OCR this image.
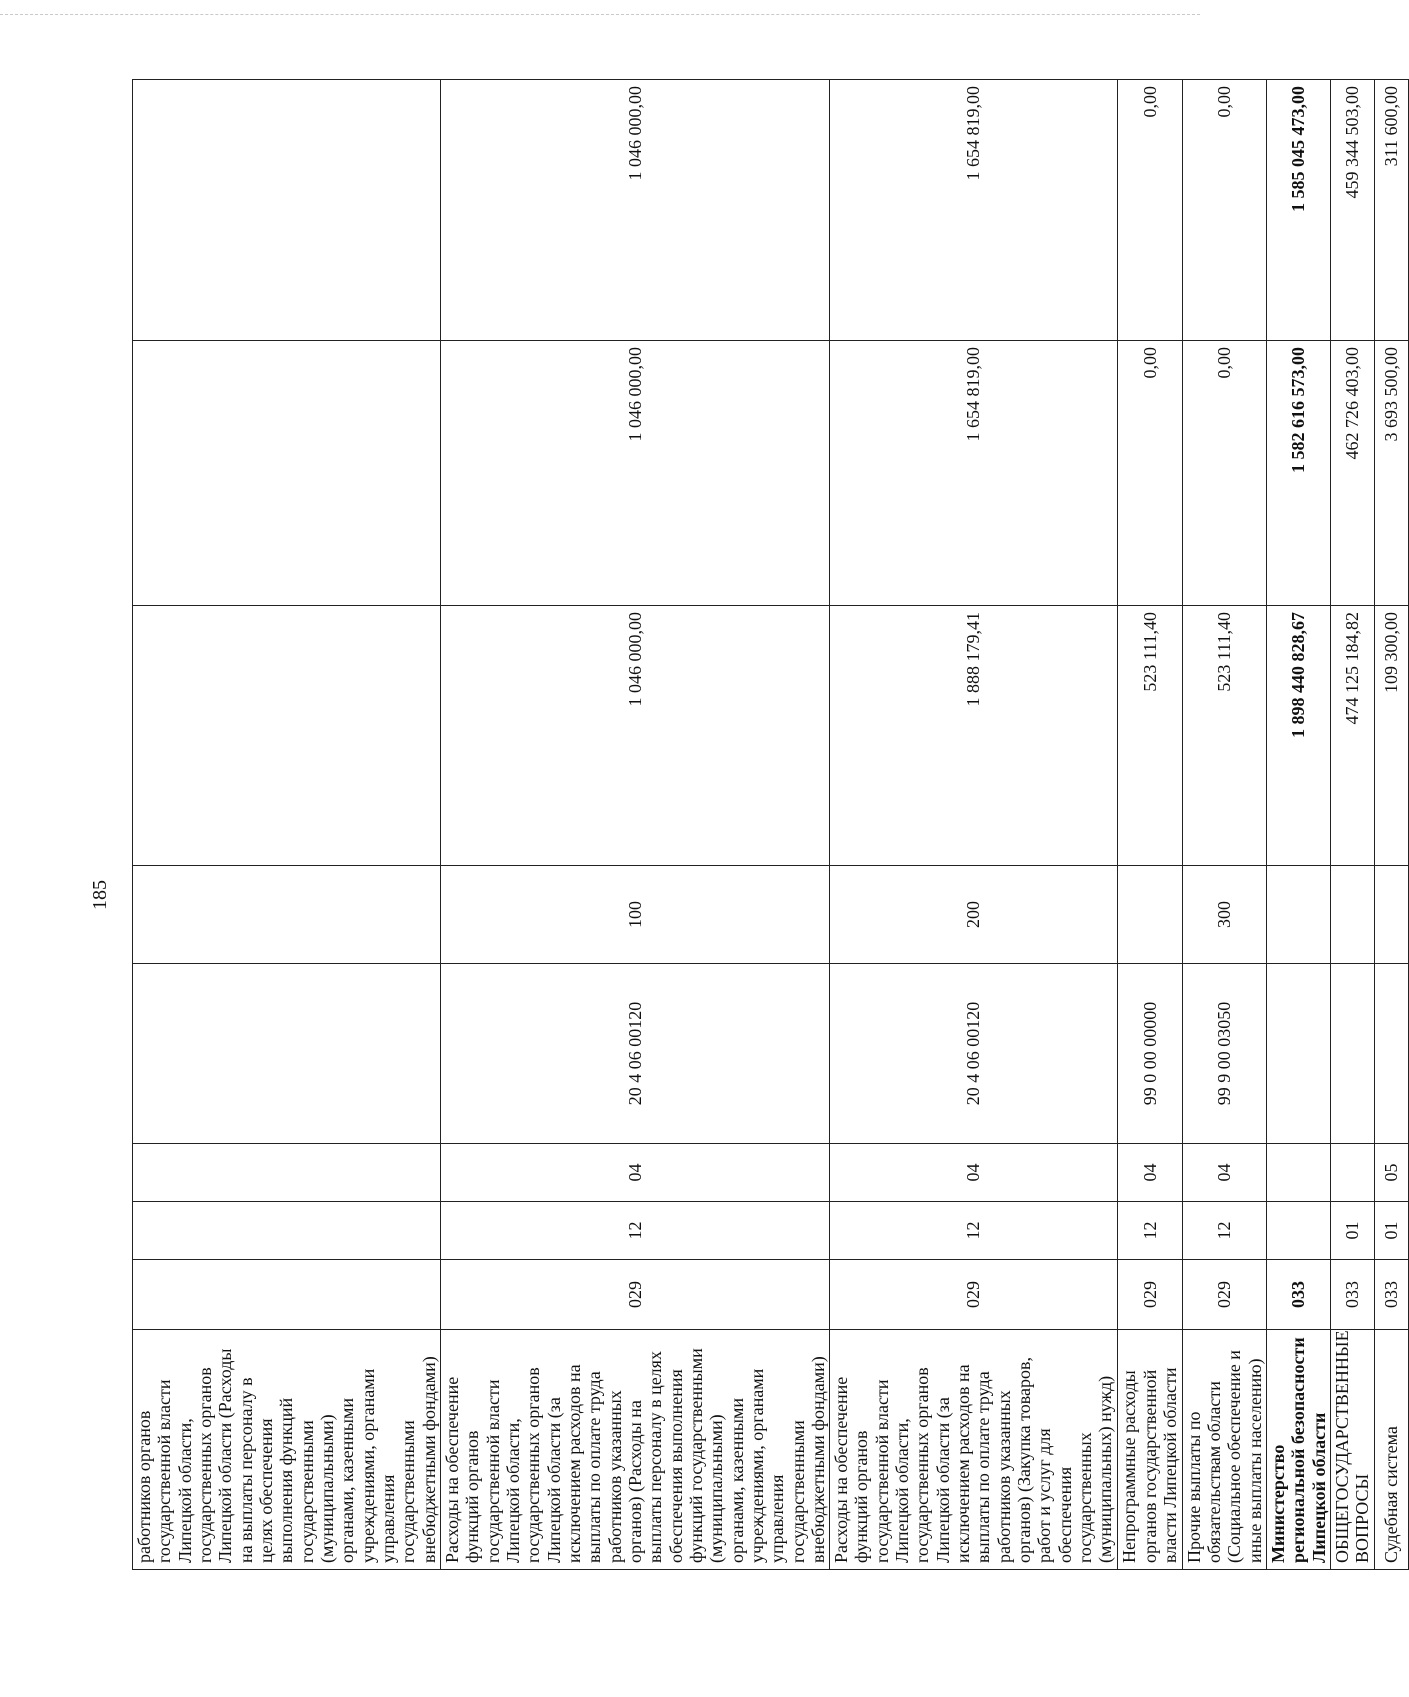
185
работников органов государственной власти Липецкой области, государственных органов Липецкой области (Расходы на выплаты персоналу в целях обеспечения выполнения функций государственными (муниципальными) органами, казенными учреждениями, органами управления государственными внебюджетными фондами)								
Расходы на обеспечение функций органов государственной власти Липецкой области, государственных органов Липецкой области (за исключением расходов на выплаты по оплате труда работников указанных органов) (Расходы на выплаты персоналу в целях обеспечения выполнения функций государственными (муниципальными) органами, казенными учреждениями, органами управления государственными внебюджетными фондами)	029	12	04	20 4 06 00120	100	1 046 000,00	1 046 000,00	1 046 000,00
Расходы на обеспечение функций органов государственной власти Липецкой области, государственных органов Липецкой области (за исключением расходов на выплаты по оплате труда работников указанных органов) (Закупка товаров, работ и услуг для обеспечения государственных (муниципальных) нужд)	029	12	04	20 4 06 00120	200	1 888 179,41	1 654 819,00	1 654 819,00
Непрограммные расходы органов государственной власти Липецкой области	029	12	04	99 0 00 00000		523 111,40	0,00	0,00
Прочие выплаты по обязательствам области (Социальное обеспечение и иные выплаты населению)	029	12	04	99 9 00 03050	300	523 111,40	0,00	0,00
Министерство региональной безопасности Липецкой области	033					1 898 440 828,67	1 582 616 573,00	1 585 045 473,00
ОБЩЕГОСУДАРСТВЕННЫЕ ВОПРОСЫ	033	01				474 125 184,82	462 726 403,00	459 344 503,00
Судебная система	033	01	05			109 300,00	3 693 500,00	311 600,00
